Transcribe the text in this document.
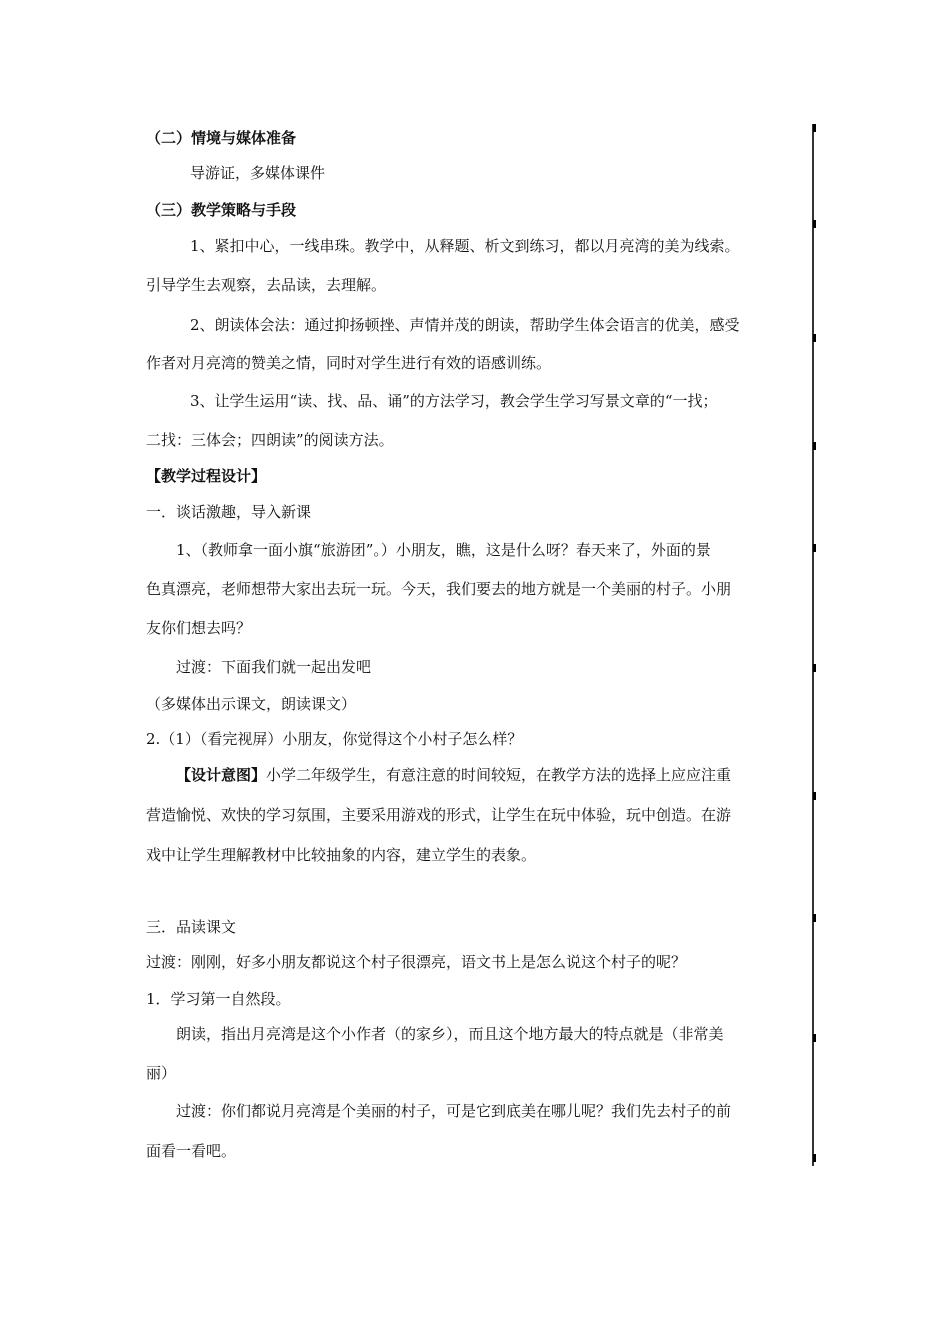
（二）情境与媒体准备
导游证，多媒体课件
（三）教学策略与手段
1、紧扣中心，一线串珠。教学中，从释题、析文到练习，都以月亮湾的美为线索。
引导学生去观察，去品读，去理解。
2、朗读体会法：通过抑扬顿挫、声情并茂的朗读，帮助学生体会语言的优美，感受
作者对月亮湾的赞美之情，同时对学生进行有效的语感训练。
3、让学生运用“读、找、品、诵”的方法学习，教会学生学习写景文章的“一找；
二找：三体会；四朗读”的阅读方法。
【教学过程设计】
一．谈话激趣，导入新课
1、（教师拿一面小旗“旅游团”。）小朋友，瞧，这是什么呀？春天来了，外面的景
色真漂亮，老师想带大家出去玩一玩。今天，我们要去的地方就是一个美丽的村子。小朋
友你们想去吗？
过渡：下面我们就一起出发吧
（多媒体出示课文，朗读课文）
2.（1）（看完视屏）小朋友，你觉得这个小村子怎么样？
【设计意图】小学二年级学生，有意注意的时间较短，在教学方法的选择上应应注重
营造愉悦、欢快的学习氛围，主要采用游戏的形式，让学生在玩中体验，玩中创造。在游
戏中让学生理解教材中比较抽象的内容，建立学生的表象。
三．品读课文
过渡：刚刚，好多小朋友都说这个村子很漂亮，语文书上是怎么说这个村子的呢？
1．学习第一自然段。
朗读，指出月亮湾是这个小作者（的家乡），而且这个地方最大的特点就是（非常美
丽）
过渡：你们都说月亮湾是个美丽的村子，可是它到底美在哪儿呢？我们先去村子的前
面看一看吧。
